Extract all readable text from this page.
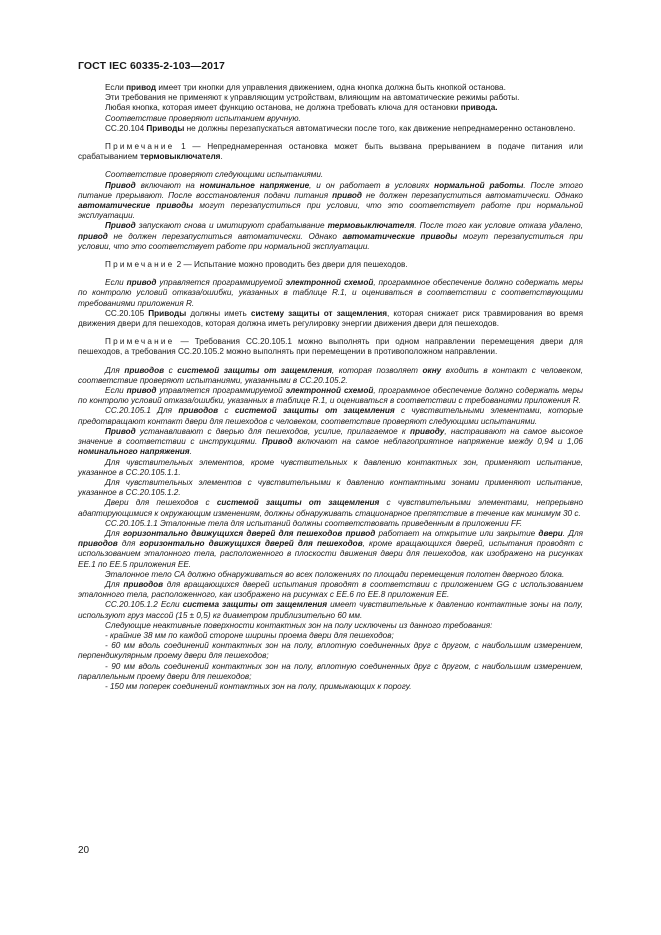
ГОСТ IEC 60335-2-103—2017

Если привод имеет три кнопки для управления движением, одна кнопка должна быть кнопкой останова.

Эти требования не применяют к управляющим устройствам, влияющим на автоматические режимы работы.

Любая кнопка, которая имеет функцию останова, не должна требовать ключа для остановки привода.

Соответствие проверяют испытанием вручную.

СС.20.104 Приводы не должны перезапускаться автоматически после того, как движение непреднамеренно остановлено.

Примечание 1 — Непреднамеренная остановка может быть вызвана прерыванием в подаче питания или срабатыванием термовыключателя.

Соответствие проверяют следующими испытаниями.

Привод включают на номинальное напряжение, и он работает в условиях нормальной работы. После этого питание прерывают. После восстановления подачи питания привод не должен перезапуститься автоматически. Однако автоматические приводы могут перезапуститься при условии, что это соответствует работе при нормальной эксплуатации.

Привод запускают снова и имитируют срабатывание термовыключателя. После того как условие отказа удалено, привод не должен перезапуститься автоматически. Однако автоматические приводы могут перезапуститься при условии, что это соответствует работе при нормальной эксплуатации.

Примечание 2 — Испытание можно проводить без двери для пешеходов.

Если привод управляется программируемой электронной схемой, программное обеспечение должно содержать меры по контролю условий отказа/ошибки, указанных в таблице R.1, и оцениваться в соответствии с соответствующими требованиями приложения R.

СС.20.105 Приводы должны иметь систему защиты от защемления, которая снижает риск травмирования во время движения двери для пешеходов, которая должна иметь регулировку энергии движения двери для пешеходов.

Примечание — Требования СС.20.105.1 можно выполнять при одном направлении перемещения двери для пешеходов, а требования СС.20.105.2 можно выполнять при перемещении в противоположном направлении.

Для приводов с системой защиты от защемления, которая позволяет окну входить в контакт с человеком, соответствие проверяют испытаниями, указанными в СС.20.105.2.

Если привод управляется программируемой электронной схемой, программное обеспечение должно содержать меры по контролю условий отказа/ошибки, указанных в таблице R.1, и оцениваться в соответствии с требованиями приложения R.

СС.20.105.1 Для приводов с системой защиты от защемления с чувствительными элементами, которые предотвращают контакт двери для пешеходов с человеком, соответствие проверяют следующими испытаниями.

Привод устанавливают с дверью для пешеходов, усилие, прилагаемое к приводу, настраивают на самое высокое значение в соответствии с инструкциями. Привод включают на самое неблагоприятное напряжение между 0,94 и 1,06 номинального напряжения.

Для чувствительных элементов, кроме чувствительных к давлению контактных зон, применяют испытание, указанное в СС.20.105.1.1.

Для чувствительных элементов с чувствительными к давлению контактными зонами применяют испытание, указанное в СС.20.105.1.2.

Двери для пешеходов с системой защиты от защемления с чувствительными элементами, непрерывно адаптирующимися к окружающим изменениям, должны обнаруживать стационарное препятствие в течение как минимум 30 с.

СС.20.105.1.1 Эталонные тела для испытаний должны соответствовать приведенным в приложении FF.

Для горизонтально движущихся дверей для пешеходов привод работает на открытие или закрытие двери. Для приводов для горизонтально движущихся дверей для пешеходов, кроме вращающихся дверей, испытания проводят с использованием эталонного тела, расположенного в плоскости движения двери для пешеходов, как изображено на рисунках ЕЕ.1 по ЕЕ.5 приложения ЕЕ.

Эталонное тело СА должно обнаруживаться во всех положениях по площади перемещения полотен дверного блока.

Для приводов для вращающихся дверей испытания проводят в соответствии с приложением GG с использованием эталонного тела, расположенного, как изображено на рисунках с ЕЕ.6 по ЕЕ.8 приложения ЕЕ.

СС.20.105.1.2 Если система защиты от защемления имеет чувствительные к давлению контактные зоны на полу, используют груз массой (15 ± 0,5) кг диаметром приблизительно 60 мм.

Следующие неактивные поверхности контактных зон на полу исключены из данного требования:

- крайние 38 мм по каждой стороне ширины проема двери для пешеходов;

- 60 мм вдоль соединений контактных зон на полу, вплотную соединенных друг с другом, с наибольшим измерением, перпендикулярным проему двери для пешеходов;

- 90 мм вдоль соединений контактных зон на полу, вплотную соединенных друг с другом, с наибольшим измерением, параллельным проему двери для пешеходов;

- 150 мм поперек соединений контактных зон на полу, примыкающих к порогу.

20
